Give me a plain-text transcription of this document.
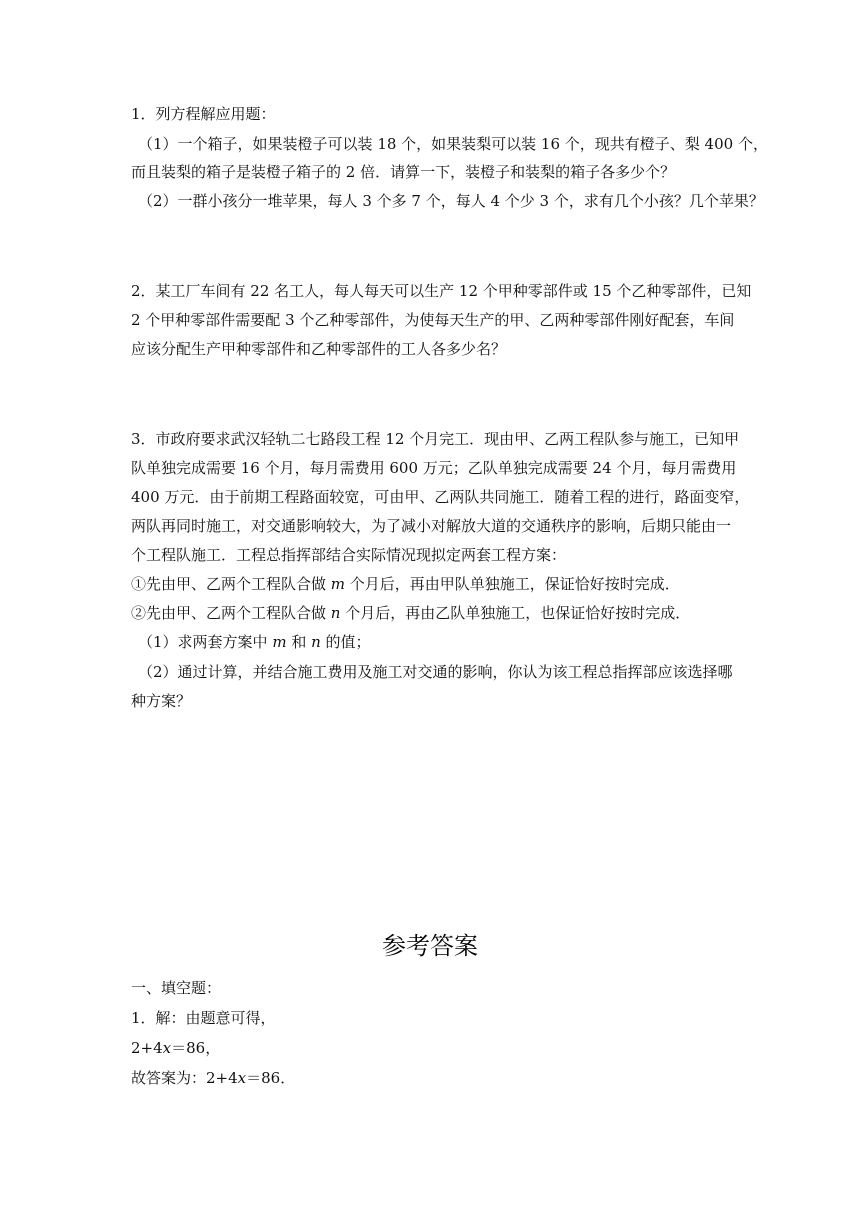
1．列方程解应用题：
（1）一个箱子，如果装橙子可以装 18 个，如果装梨可以装 16 个，现共有橙子、梨 400 个，
而且装梨的箱子是装橙子箱子的 2 倍．请算一下，装橙子和装梨的箱子各多少个？
（2）一群小孩分一堆苹果，每人 3 个多 7 个，每人 4 个少 3 个，求有几个小孩？几个苹果？
2．某工厂车间有 22 名工人，每人每天可以生产 12 个甲种零部件或 15 个乙种零部件，已知
2 个甲种零部件需要配 3 个乙种零部件，为使每天生产的甲、乙两种零部件刚好配套，车间
应该分配生产甲种零部件和乙种零部件的工人各多少名？
3．市政府要求武汉轻轨二七路段工程 12 个月完工．现由甲、乙两工程队参与施工，已知甲
队单独完成需要 16 个月，每月需费用 600 万元；乙队单独完成需要 24 个月，每月需费用
400 万元．由于前期工程路面较宽，可由甲、乙两队共同施工．随着工程的进行，路面变窄，
两队再同时施工，对交通影响较大，为了减小对解放大道的交通秩序的影响，后期只能由一
个工程队施工．工程总指挥部结合实际情况现拟定两套工程方案：
①先由甲、乙两个工程队合做 m 个月后，再由甲队单独施工，保证恰好按时完成．
②先由甲、乙两个工程队合做 n 个月后，再由乙队单独施工，也保证恰好按时完成．
（1）求两套方案中 m 和 n 的值；
（2）通过计算，并结合施工费用及施工对交通的影响，你认为该工程总指挥部应该选择哪
种方案？
参考答案
一、填空题：
1．解：由题意可得，
2+4x＝86，
故答案为：2+4x＝86．
